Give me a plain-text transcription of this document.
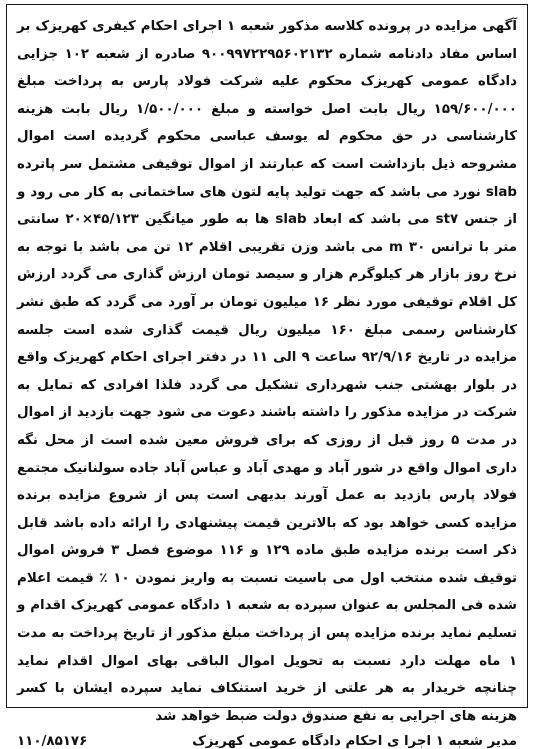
آگهی مزایده در پرونده کلاسه مذکور شعبه ۱ اجرای احکام کیفری کهریزک بر اساس مفاد دادنامه شماره ۹۰۰۹۹۷۲۲۹۵۶۰۲۱۳۲ صادره از شعبه ۱۰۲ جزایی دادگاه عمومی کهریزک محکوم علیه شرکت فولاد پارس به پرداخت مبلغ ۱۵۹/۶۰۰/۰۰۰ ریال بابت اصل خواسته و مبلغ ۱/۵۰۰/۰۰۰ ریال بابت هزینه کارشناسی در حق محکوم له یوسف عباسی محکوم گردیده است اموال مشروحه ذیل بازداشت است که عبارتند از اموال توقیفی مشتمل سر پاترده slab نورد می باشد که جهت تولید پایه لتون های ساختمانی به کار می رود و از جنس st۷ می باشد که ابعاد slab ها به طور میانگین ۴۵/۱۲۳×۲۰ سانتی متر با ترانس ۳۰ m می باشد وزن تقریبی اقلام ۱۲ تن می باشد با توجه به نرخ روز بازار هر کیلوگرم هزار و سیصد تومان ارزش گذاری می گردد ارزش کل اقلام توقیفی مورد نظر ۱۶ میلیون تومان بر آورد می گردد که طبق نشر کارشناس رسمی مبلغ ۱۶۰ میلیون ریال قیمت گذاری شده است جلسه مزایده در تاریخ ۹۲/۹/۱۶ ساعت ۹ الی ۱۱ در دفتر اجرای احکام کهریزک واقع در بلوار بهشتی جنب شهرداری تشکیل می گردد فلذا افرادی که تمایل به شرکت در مزایده مذکور را داشته باشند دعوت می شود جهت بازدید از اموال در مدت ۵ روز قبل از روزی که برای فروش معین شده است از محل نگه داری اموال واقع در شور آباد و مهدی آباد و عباس آباد جاده سولنانیک مجتمع فولاد پارس بازدید به عمل آورند بدیهی است پس از شروع مزایده برنده مزایده کسی خواهد بود که بالاترین قیمت پیشنهادی را ارائه داده باشد قابل ذکر است برنده مزایده طبق ماده ۱۲۹ و ۱۱۶ موضوع فصل ۳ فروش اموال توقیف شده منتخب اول می باسیت نسبت به واریز نمودن ۱۰ ٪ قیمت اعلام شده فی المجلس به عنوان سپرده به شعبه ۱ دادگاه عمومی کهریزک اقدام و تسلیم نماید برنده مزایده پس از پرداخت مبلغ مذکور از تاریخ پرداخت به مدت ۱ ماه مهلت دارد نسبت به تحویل اموال الباقی بهای اموال اقدام نماید چنانچه خریدار به هر علتی از خرید استنکاف نماید سپرده ایشان با کسر هزینه های اجرایی به نفع صندوق دولت ضبط خواهد شد

مدیر شعبه ۱ اجرا ی احکام دادگاه عمومی کهریزک
۱۱۰/۸۵۱۷۶
